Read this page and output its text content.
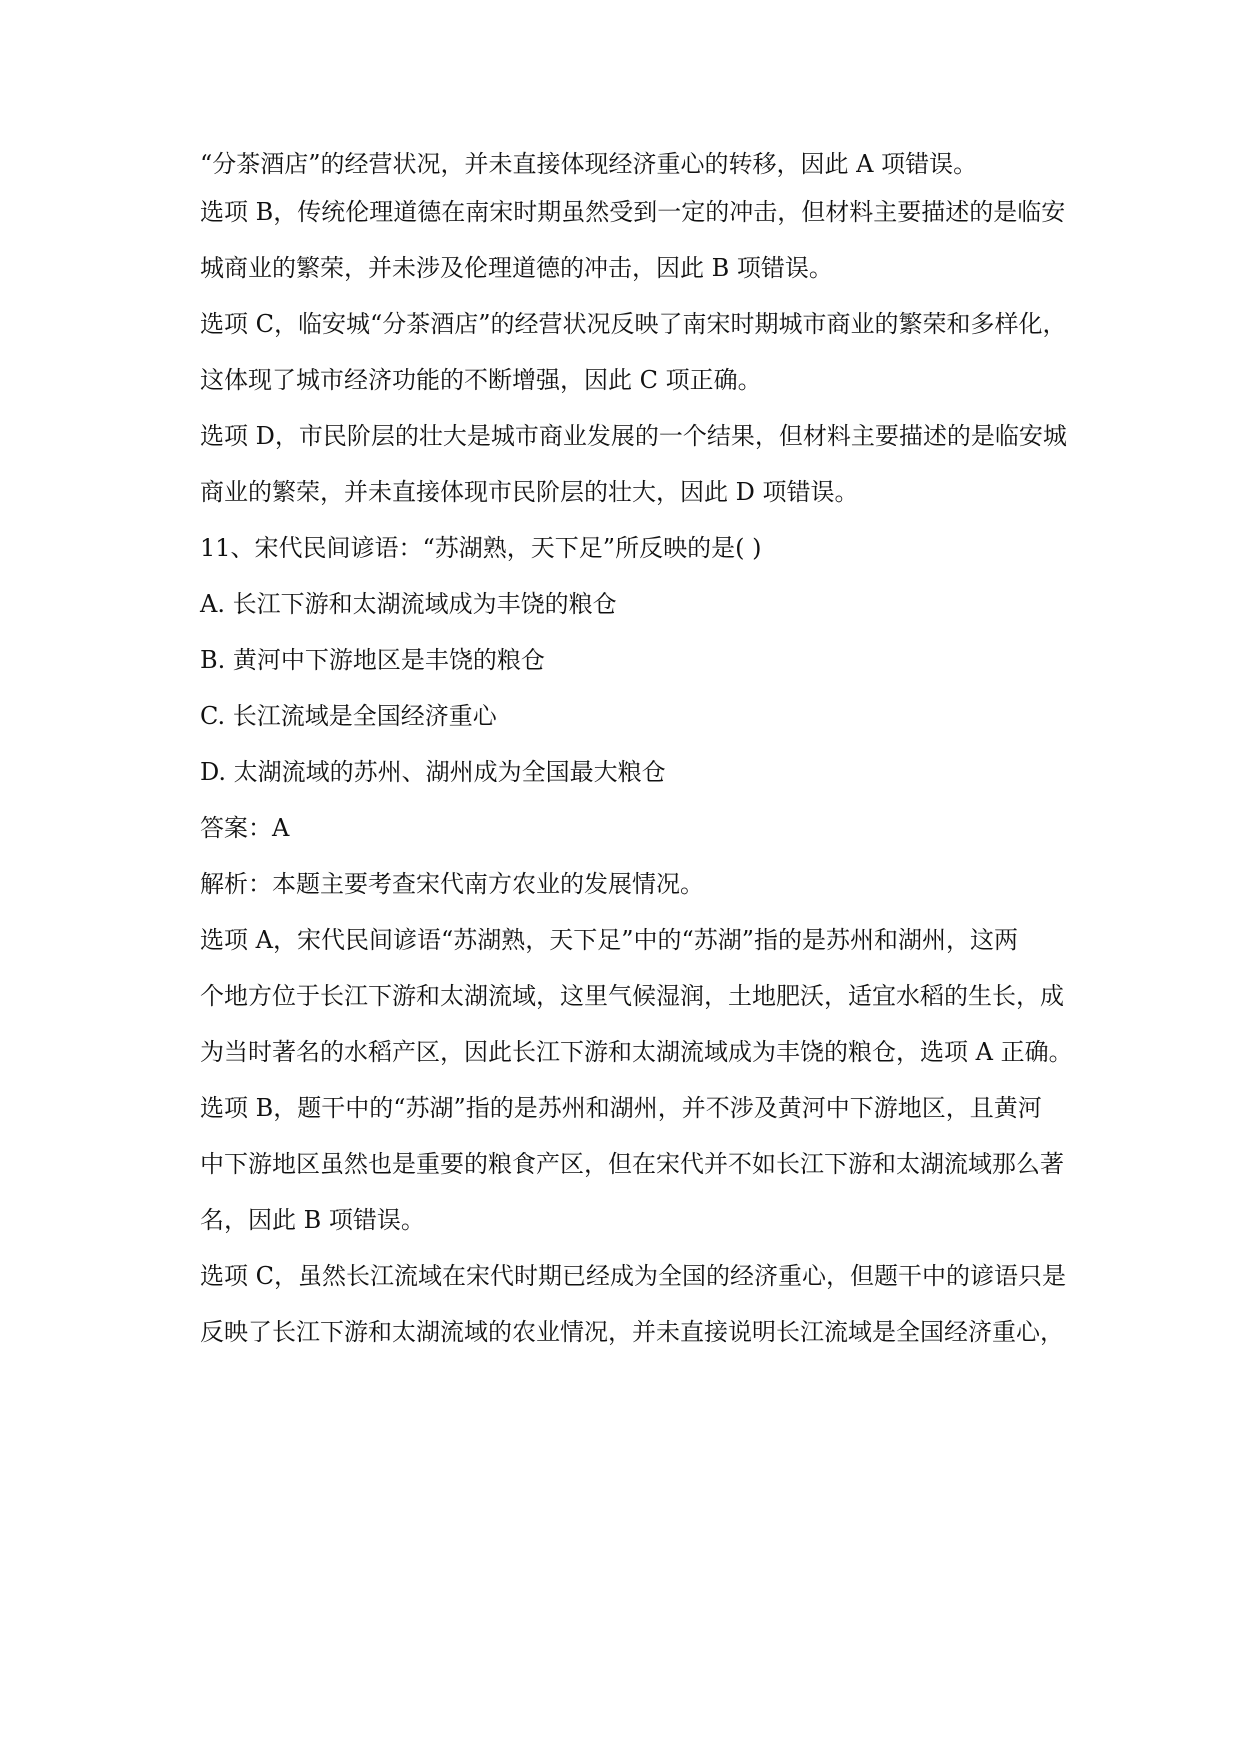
“分茶酒店”的经营状况，并未直接体现经济重心的转移，因此 A 项错误。
选项 B，传统伦理道德在南宋时期虽然受到一定的冲击，但材料主要描述的是临安
城商业的繁荣，并未涉及伦理道德的冲击，因此 B 项错误。
选项 C，临安城“分茶酒店”的经营状况反映了南宋时期城市商业的繁荣和多样化，
这体现了城市经济功能的不断增强，因此 C 项正确。
选项 D，市民阶层的壮大是城市商业发展的一个结果，但材料主要描述的是临安城
商业的繁荣，并未直接体现市民阶层的壮大，因此 D 项错误。
11、宋代民间谚语：“苏湖熟，天下足”所反映的是( )
A. 长江下游和太湖流域成为丰饶的粮仓
B. 黄河中下游地区是丰饶的粮仓
C. 长江流域是全国经济重心
D. 太湖流域的苏州、湖州成为全国最大粮仓
答案：A
解析：本题主要考查宋代南方农业的发展情况。
选项 A，宋代民间谚语“苏湖熟，天下足”中的“苏湖”指的是苏州和湖州，这两
个地方位于长江下游和太湖流域，这里气候湿润，土地肥沃，适宜水稻的生长，成
为当时著名的水稻产区，因此长江下游和太湖流域成为丰饶的粮仓，选项 A 正确。
选项 B，题干中的“苏湖”指的是苏州和湖州，并不涉及黄河中下游地区，且黄河
中下游地区虽然也是重要的粮食产区，但在宋代并不如长江下游和太湖流域那么著
名，因此 B 项错误。
选项 C，虽然长江流域在宋代时期已经成为全国的经济重心，但题干中的谚语只是
反映了长江下游和太湖流域的农业情况，并未直接说明长江流域是全国经济重心，
